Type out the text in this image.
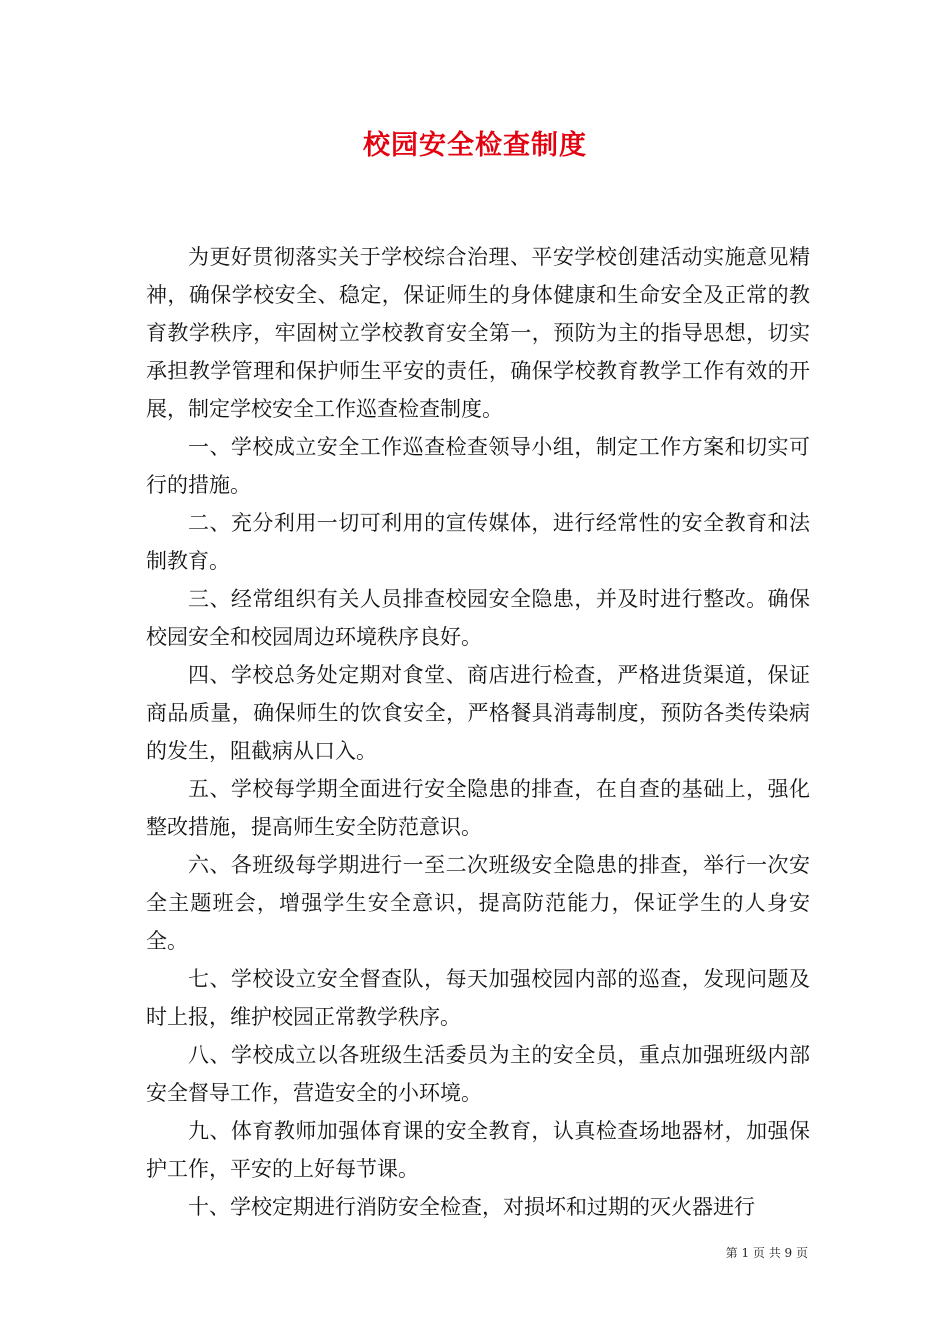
校园安全检查制度

为更好贯彻落实关于学校综合治理、平安学校创建活动实施意见精神，确保学校安全、稳定，保证师生的身体健康和生命安全及正常的教育教学秩序，牢固树立学校教育安全第一，预防为主的指导思想，切实承担教学管理和保护师生平安的责任，确保学校教育教学工作有效的开展，制定学校安全工作巡查检查制度。

一、学校成立安全工作巡查检查领导小组，制定工作方案和切实可行的措施。

二、充分利用一切可利用的宣传媒体，进行经常性的安全教育和法制教育。

三、经常组织有关人员排查校园安全隐患，并及时进行整改。确保校园安全和校园周边环境秩序良好。

四、学校总务处定期对食堂、商店进行检查，严格进货渠道，保证商品质量，确保师生的饮食安全，严格餐具消毒制度，预防各类传染病的发生，阻截病从口入。

五、学校每学期全面进行安全隐患的排查，在自查的基础上，强化整改措施，提高师生安全防范意识。

六、各班级每学期进行一至二次班级安全隐患的排查，举行一次安全主题班会，增强学生安全意识，提高防范能力，保证学生的人身安全。

七、学校设立安全督查队，每天加强校园内部的巡查，发现问题及时上报，维护校园正常教学秩序。

八、学校成立以各班级生活委员为主的安全员，重点加强班级内部安全督导工作，营造安全的小环境。

九、体育教师加强体育课的安全教育，认真检查场地器材，加强保护工作，平安的上好每节课。

十、学校定期进行消防安全检查，对损坏和过期的灭火器进行

第 1 页 共 9 页
